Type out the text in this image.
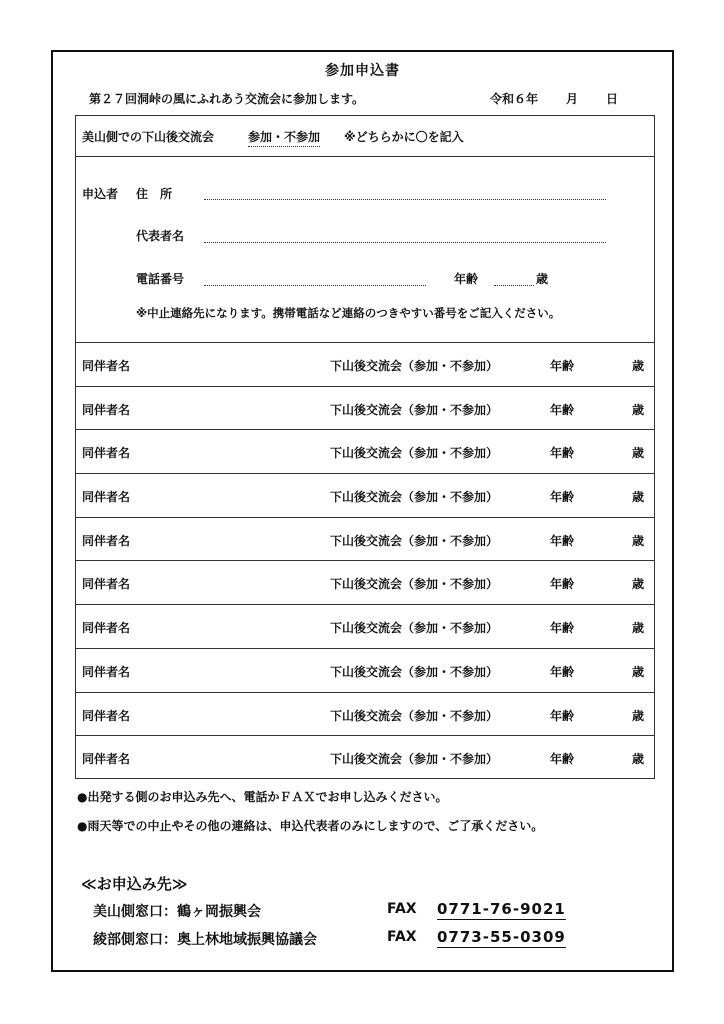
参加申込書
第２７回洞峠の風にふれあう交流会に参加します。	令和６年 月 日
美山側での下山後交流会	参加・不参加 ※どちらかに〇を記入
申込者 住　所
代表者名
電話番号	年齢	歳
※中止連絡先になります。携帯電話など連絡のつきやすい番号をご記入ください。
同伴者名	下山後交流会（参加・不参加）	年齢	歳
同伴者名	下山後交流会（参加・不参加）	年齢	歳
同伴者名	下山後交流会（参加・不参加）	年齢	歳
同伴者名	下山後交流会（参加・不参加）	年齢	歳
同伴者名	下山後交流会（参加・不参加）	年齢	歳
同伴者名	下山後交流会（参加・不参加）	年齢	歳
同伴者名	下山後交流会（参加・不参加）	年齢	歳
同伴者名	下山後交流会（参加・不参加）	年齢	歳
同伴者名	下山後交流会（参加・不参加）	年齢	歳
同伴者名	下山後交流会（参加・不参加）	年齢	歳
●出発する側のお申込み先へ、電話かＦＡＸでお申し込みください。
●雨天等での中止やその他の連絡は、申込代表者のみにしますので、ご了承ください。
≪お申込み先≫
美山側窓口：鶴ヶ岡振興会	FAX 0771-76-9021
綾部側窓口：奥上林地域振興協議会	FAX 0773-55-0309
